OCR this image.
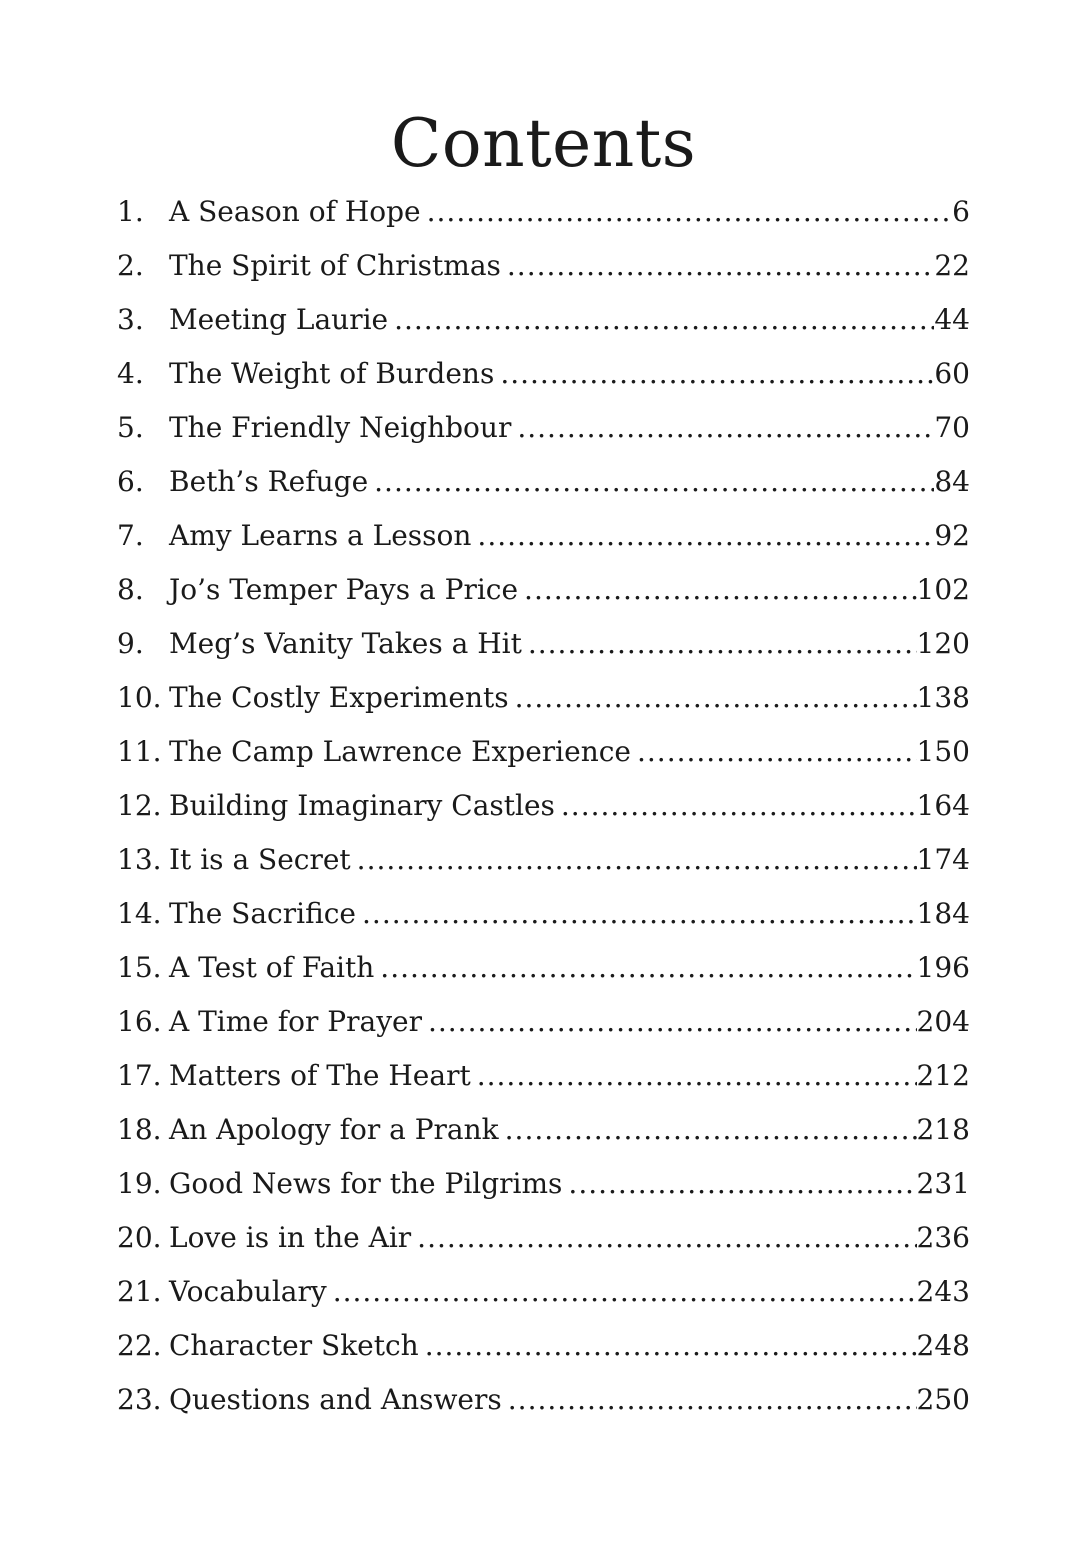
Contents
1. A Season of Hope .....	6
2. The Spirit of Christmas .....	22
3. Meeting Laurie .....	44
4. The Weight of Burdens .....	60
5. The Friendly Neighbour .....	70
6. Beth’s Refuge .....	84
7. Amy Learns a Lesson .....	92
8. Jo’s Temper Pays a Price .....	102
9. Meg’s Vanity Takes a Hit .....	120
10. The Costly Experiments .....	138
11. The Camp Lawrence Experience .....	150
12. Building Imaginary Castles .....	164
13. It is a Secret .....	174
14. The Sacrifice .....	184
15. A Test of Faith .....	196
16. A Time for Prayer .....	204
17. Matters of The Heart .....	212
18. An Apology for a Prank .....	218
19. Good News for the Pilgrims .....	231
20. Love is in the Air .....	236
21. Vocabulary .....	243
22. Character Sketch .....	248
23. Questions and Answers .....	250
